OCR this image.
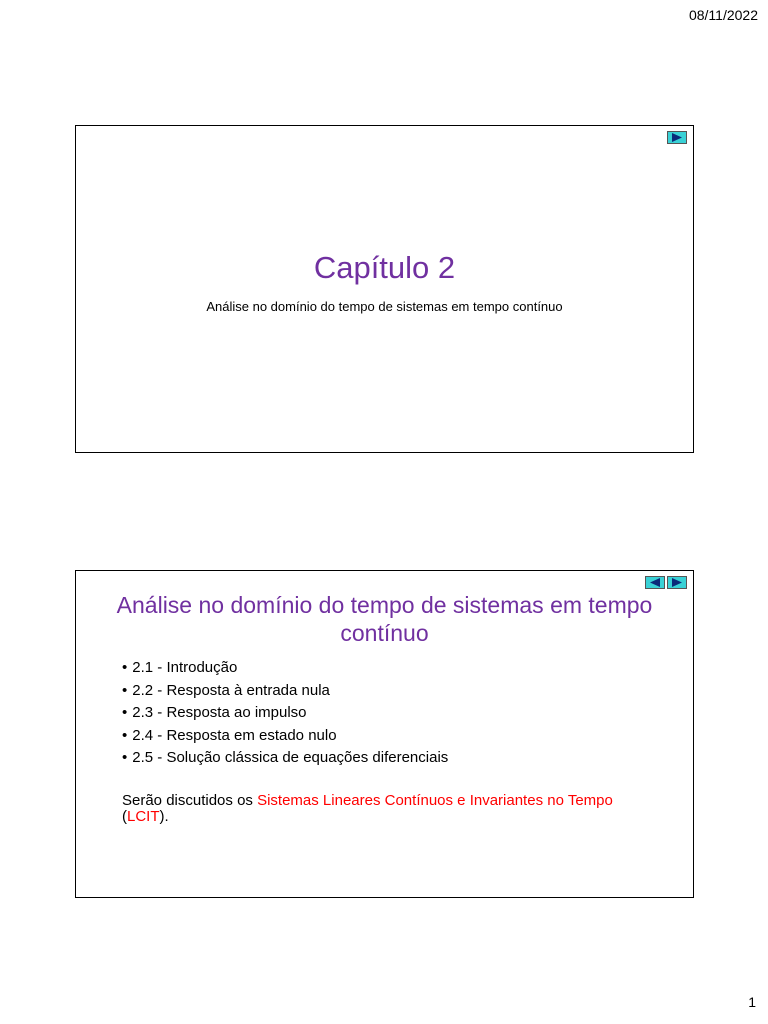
08/11/2022
Capítulo 2
Análise no domínio do tempo de sistemas em tempo contínuo
Análise no domínio do tempo de sistemas em tempo contínuo
• 2.1 - Introdução
• 2.2 - Resposta à entrada nula
• 2.3 - Resposta ao impulso
• 2.4 - Resposta em estado nulo
• 2.5 - Solução clássica de equações diferenciais
Serão discutidos os Sistemas Lineares Contínuos e Invariantes no Tempo (LCIT).
1
